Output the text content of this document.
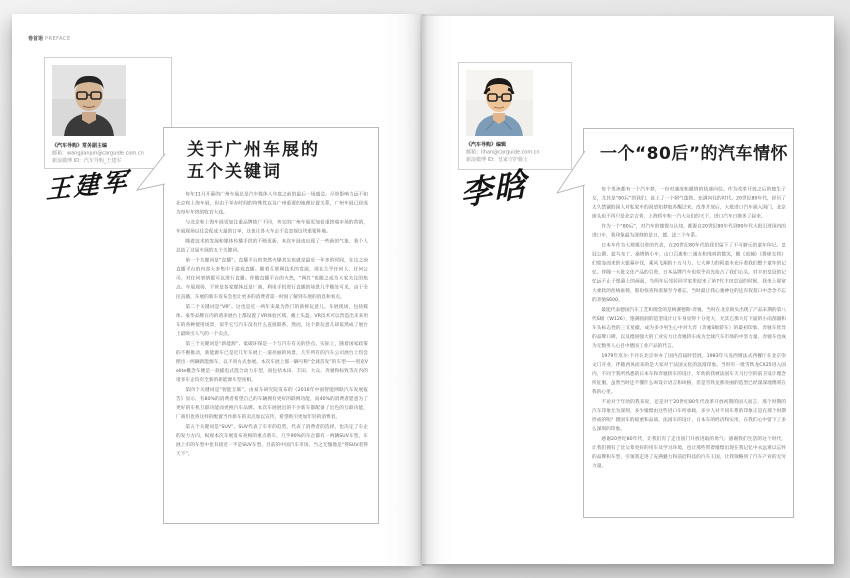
卷首语 PREFACE
《汽车导购》常务副主编
邮箱：wangjianjun@carguide.com.cn
新浪微博 ID：汽车导购_王建军
王建军
关于广州车展的
五个关键词

每年11月开幕的广州车展总是汽车媒体人年底之前的最后一场盛会。尽管影响力远不如北京和上海车展，但由于举办时间的特殊性以及广州重要的地理位置关系，广州车展已经成为每年年终的收官大戏。

与北京和上海车展更加注重品牌推广不同，务实的广州车展更加看重终端市场的营销，车展现场以往会促成大量的订单，这也让各大车企不会忽视这块重要阵地。

随着技术的发展和媒体传播手段的不断更新，本次车展也出现了一些新的气象，我个人总结了这届车展的五个关键词。

第一个关键词是“直播”。直播平台的突然火爆其实也就是最近一年多的时间，在这之前直播平台的内容大多集中于游戏直播。随着互联网技术的发展，现在几乎任何人、任何公司，对任何事情都可以进行直播。伴随直播平台的火热，“网红”也随之成为大家关注的焦点。车展现场，不管是各家媒体还是厂商，利用手机进行直播的场景几乎随处可见，由于全民直播，车展的新车发布会也让更多的消费者第一时间了解到车展的消息和看点。

第二个关键词是“VR”。这也是近一两年来最为热门的新鲜玩意儿。车展现场，包括媒体、豪华品牌在内的诸多展台上都设置了VR体验区域。戴上头盔，VR技术可以营造出未来用车的各种使用场景，似乎它与汽车没有什么直接联系，然而，这个新玩意儿却依然成了展台上最吸引人气的一个卖点。

第三个关键词是“新能源”。低碳环保是一个与汽车有关的热点。实际上，随着国家政策的不断推动，新能源车已是近几年车展上一道亮丽的风景，几乎所有的汽车公司展台上均会摆出一两辆新能源车，以不同方式参展。本次车展上那一辆号称“全球首发”的车型——别克Velite概念车便是一款插电式混合动力车型，而包括本田、丰田、大众、奔驰和标致等在内的诸多车企均有全新的新能源车型亮相。

第四个关键词是“智能互联”。由易车研究院发布的《2016年中国智能网联汽车发展报告》显示，有80%的消费者希望自己的车辆拥有更好的联网功能，而40%的消费者愿意为了更好的车机互联功能而更换汽车品牌。本次车展展出的不少新车都配备了出色的互联功能，厂商们也将这样的配置当作新车的卖点加以宣传，希望吸引更加年轻的消费者。

第五个关键词是“SUV”。SUV代表了车市的趋势，代表了消费者的选择，也决定了车企的发力方向。纵观本次车展发布亮相的重点新车，几乎90%的车企都有一两辆SUV车型，车展上市的车型中也有接近一半是SUV车型。目前的中国汽车市场，当之无愧地是“得SUV者得天下”。

《汽车导购》编辑
邮箱：lihan@carguide.com.cn
新浪微博 ID：皇家守护骑士
李晗
一个“80后”的汽车情怀

每个男孩都有一个汽车梦，一份对速度和激情的执迷向往。作为改革开放之后的独生子女，尤其是“80后”的我们，赶上了一个朝气蓬勃、充满向往的时代。20世纪80年代，经历了太久禁锢的国人对私家车的渴望如梦般苏醒过来。改革开放后，大批进口汽车涌入国门，北京街头也不再只是北京吉普、上海轿车和一汽大众们的天下，进口汽车日渐多了起来。

作为一个“80后”，对汽车的憧憬与认知，都源自20世纪80年代到90年代大批引进国内的进口车，我印象最为深刻的是日、德、法三个车系。

日本车作为大规模引进的代表，在20世纪80年代给我们留下了不可磨灭的童年印记。皇冠公爵、蓝鸟布丁、桑塔纳小车，山口百惠和三浦友和纯真的微笑，随《追捕》《排球女将》们席卷而来的大银幕步伐，乘风飞翔的十万马力、七大神力的阿童木充斥着我们整个童年的记忆。伴随一大批文化产品的引进，日本品牌汽车也似乎首先抢占了我们心头。对丰田皇冠的记忆远不止于银幕上的画面，当两年后邻居同学家里迎来了第7代丰田皇冠的时候，我坐上那宽大柔软的丝绒座椅，那份惊喜和羡慕至今难忘，当时最让我心驰神往的还有叔叔口中念念不忘的奔驰S600。

最能代表德国汽车工艺和理念的是梅赛德斯-奔驰。当时在北京街头出现了产品末期的第八代S级（W126），饱满圆润的造型设计让车身显得十分宽大，尤其它那大灯下面的小雨刮器和车头标志性的三叉星徽，成为多少男生心中对大奔（奔驰S级轿车）的最初印象。奔驰车优异的品牌口碑，以及德国强大的工业实力让奔驰轿车成为全球汽车市场的中坚力量，奔驰车也成为无数男人心目中德国工业产品的代言。

1979年皮尔·卡丹在北京举办了国内首届时装展，1983年马克西姆法式西餐厅在北京崇文门开业，伴随西风而来的是大家对于法国文化的浪漫印象。当时有一批雪铁龙CX25进入国内，不同于我所熟悉的日本车和奔驰轿车的设计，年幼的我被法国车天马行空的前卫设计理念所征服，虽然当时还不懂什么叫设计语言和风格，但是雪铁龙那亮丽的造型已经深深地镌刻在我的心里。

不论对于年幼的我来说，还是对于20世纪80年代改革开放初期的国人而言，那个时期的汽车印象尤为深刻，多少憧憬由这些进口车所承载，多少人对不同车系的印象正是在那个时期形成的呢？德国车的稳重和品质、法国车的设计、日本车的经济和实用，在我们心中留下了多么深刻的印象。

感谢20世纪80年代，让我们有了走出国门开放进取的勇气；感谢我们生活的这个时代，让我们拥有了比父辈更好的用车及学习环境，也让那些带着憧憬出现在我记忆中永远难以忘怀的品牌和车型，引领我走进了充满魅力和前沿科技的汽车王国，让我领略到了汽车产业的无穷力量。
